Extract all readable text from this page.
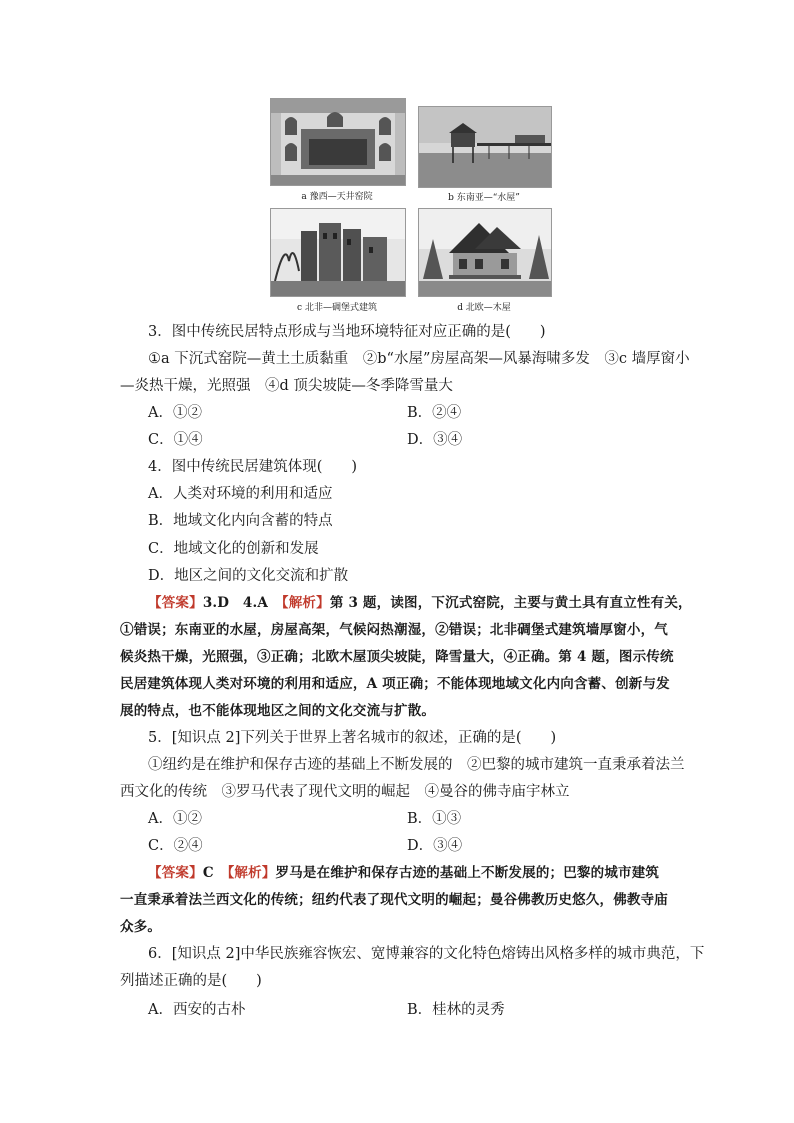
a 豫西—天井窑院	b 东南亚—“水屋”
c 北非—碉堡式建筑	d 北欧—木屋
3．图中传统民居特点形成与当地环境特征对应正确的是(　　)
①a 下沉式窑院—黄土土质黏重　②b“水屋”房屋高架—风暴海啸多发　③c 墙厚窗小
—炎热干燥，光照强　④d 顶尖坡陡—冬季降雪量大
A．①②	B．②④
C．①④	D．③④
4．图中传统民居建筑体现(　　)
A．人类对环境的利用和适应
B．地域文化内向含蓄的特点
C．地域文化的创新和发展
D．地区之间的文化交流和扩散
【答案】3.D　4.A　【解析】第 3 题，读图，下沉式窑院，主要与黄土具有直立性有关，
①错误；东南亚的水屋，房屋高架，气候闷热潮湿，②错误；北非碉堡式建筑墙厚窗小，气
候炎热干燥，光照强，③正确；北欧木屋顶尖坡陡，降雪量大，④正确。第 4 题，图示传统
民居建筑体现人类对环境的利用和适应，A 项正确；不能体现地域文化内向含蓄、创新与发
展的特点，也不能体现地区之间的文化交流与扩散。
5．[知识点 2]下列关于世界上著名城市的叙述，正确的是(　　)
①纽约是在维护和保存古迹的基础上不断发展的　②巴黎的城市建筑一直秉承着法兰
西文化的传统　③罗马代表了现代文明的崛起　④曼谷的佛寺庙宇林立
A．①②	B．①③
C．②④	D．③④
【答案】C　【解析】罗马是在维护和保存古迹的基础上不断发展的；巴黎的城市建筑
一直秉承着法兰西文化的传统；纽约代表了现代文明的崛起；曼谷佛教历史悠久，佛教寺庙
众多。
6．[知识点 2]中华民族雍容恢宏、宽博兼容的文化特色熔铸出风格多样的城市典范，下
列描述正确的是(　　)
A．西安的古朴	B．桂林的灵秀
